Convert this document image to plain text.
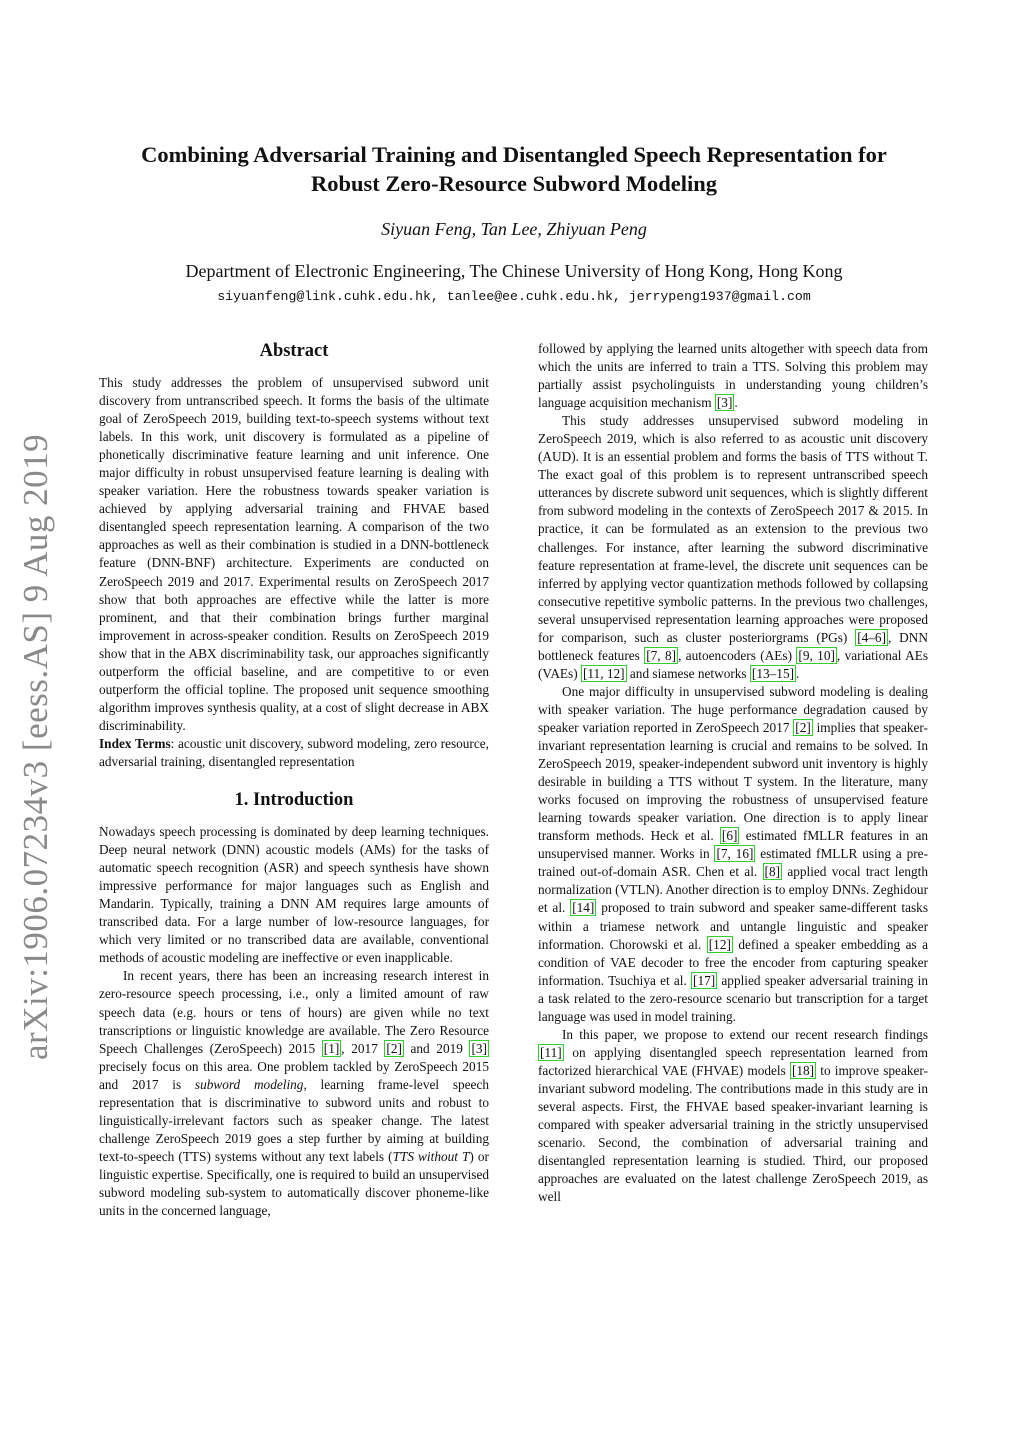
arXiv:1906.07234v3 [eess.AS] 9 Aug 2019
Combining Adversarial Training and Disentangled Speech Representation for
Robust Zero-Resource Subword Modeling
Siyuan Feng, Tan Lee, Zhiyuan Peng
Department of Electronic Engineering, The Chinese University of Hong Kong, Hong Kong
siyuanfeng@link.cuhk.edu.hk, tanlee@ee.cuhk.edu.hk, jerrypeng1937@gmail.com
Abstract

This study addresses the problem of unsupervised subword unit discovery from untranscribed speech. It forms the basis of the ultimate goal of ZeroSpeech 2019, building text-to-speech systems without text labels. In this work, unit discovery is formulated as a pipeline of phonetically discriminative feature learning and unit inference. One major difficulty in robust unsupervised feature learning is dealing with speaker variation. Here the robustness towards speaker variation is achieved by applying adversarial training and FHVAE based disentangled speech representation learning. A comparison of the two approaches as well as their combination is studied in a DNN-bottleneck feature (DNN-BNF) architecture. Experiments are conducted on ZeroSpeech 2019 and 2017. Experimental results on ZeroSpeech 2017 show that both approaches are effective while the latter is more prominent, and that their combination brings further marginal improvement in across-speaker condition. Results on ZeroSpeech 2019 show that in the ABX discriminability task, our approaches significantly outperform the official baseline, and are competitive to or even outperform the official topline. The proposed unit sequence smoothing algorithm improves synthesis quality, at a cost of slight decrease in ABX discriminability.

Index Terms: acoustic unit discovery, subword modeling, zero resource, adversarial training, disentangled representation

1. Introduction

Nowadays speech processing is dominated by deep learning techniques. Deep neural network (DNN) acoustic models (AMs) for the tasks of automatic speech recognition (ASR) and speech synthesis have shown impressive performance for major languages such as English and Mandarin. Typically, training a DNN AM requires large amounts of transcribed data. For a large number of low-resource languages, for which very limited or no transcribed data are available, conventional methods of acoustic modeling are ineffective or even inapplicable.

In recent years, there has been an increasing research interest in zero-resource speech processing, i.e., only a limited amount of raw speech data (e.g. hours or tens of hours) are given while no text transcriptions or linguistic knowledge are available. The Zero Resource Speech Challenges (ZeroSpeech) 2015 [1] , 2017 [2] and 2019 [3] precisely focus on this area. One problem tackled by ZeroSpeech 2015 and 2017 is subword modeling, learning frame-level speech representation that is discriminative to subword units and robust to linguistically-irrelevant factors such as speaker change. The latest challenge ZeroSpeech 2019 goes a step further by aiming at building text-to-speech (TTS) systems without any text labels (TTS without T) or linguistic expertise. Specifically, one is required to build an unsupervised subword modeling sub-system to automatically discover phoneme-like units in the concerned language,

followed by applying the learned units altogether with speech data from which the units are inferred to train a TTS. Solving this problem may partially assist psycholinguists in understanding young children’s language acquisition mechanism [3] .

This study addresses unsupervised subword modeling in ZeroSpeech 2019, which is also referred to as acoustic unit discovery (AUD). It is an essential problem and forms the basis of TTS without T. The exact goal of this problem is to represent untranscribed speech utterances by discrete subword unit sequences, which is slightly different from subword modeling in the contexts of ZeroSpeech 2017 & 2015. In practice, it can be formulated as an extension to the previous two challenges. For instance, after learning the subword discriminative feature representation at frame-level, the discrete unit sequences can be inferred by applying vector quantization methods followed by collapsing consecutive repetitive symbolic patterns. In the previous two challenges, several unsupervised representation learning approaches were proposed for comparison, such as cluster posteriorgrams (PGs) [4–6] , DNN bottleneck features [7, 8] , autoencoders (AEs) [9, 10] , variational AEs (VAEs) [11, 12] and siamese networks [13–15] .

One major difficulty in unsupervised subword modeling is dealing with speaker variation. The huge performance degradation caused by speaker variation reported in ZeroSpeech 2017 [2] implies that speaker-invariant representation learning is crucial and remains to be solved. In ZeroSpeech 2019, speaker-independent subword unit inventory is highly desirable in building a TTS without T system. In the literature, many works focused on improving the robustness of unsupervised feature learning towards speaker variation. One direction is to apply linear transform methods. Heck et al. [6] estimated fMLLR features in an unsupervised manner. Works in [7, 16] estimated fMLLR using a pre-trained out-of-domain ASR. Chen et al. [8] applied vocal tract length normalization (VTLN). Another direction is to employ DNNs. Zeghidour et al. [14] proposed to train subword and speaker same-different tasks within a triamese network and untangle linguistic and speaker information. Chorowski et al. [12] defined a speaker embedding as a condition of VAE decoder to free the encoder from capturing speaker information. Tsuchiya et al. [17] applied speaker adversarial training in a task related to the zero-resource scenario but transcription for a target language was used in model training.

In this paper, we propose to extend our recent research findings [11] on applying disentangled speech representation learned from factorized hierarchical VAE (FHVAE) models [18] to improve speaker-invariant subword modeling. The contributions made in this study are in several aspects. First, the FHVAE based speaker-invariant learning is compared with speaker adversarial training in the strictly unsupervised scenario. Second, the combination of adversarial training and disentangled representation learning is studied. Third, our proposed approaches are evaluated on the latest challenge ZeroSpeech 2019, as well
